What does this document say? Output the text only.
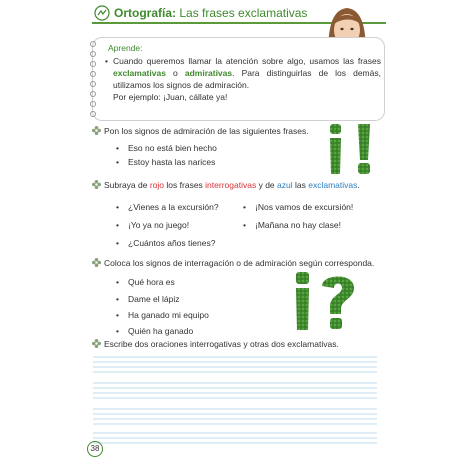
Ortografía: Las frases exclamativas
Aprende:
• Cuando queremos llamar la atención sobre algo, usamos las frases exclamativas o admirativas. Para distinguirlas de los demás, utilizamos los signos de admiración.
Por ejemplo: ¡Juan, cállate ya!
Pon los signos de admiración de las siguientes frases.
• Eso no está bien hecho
• Estoy hasta las narices
Subraya de rojo los frases interrogativas y de azul las exclamativas.
• ¿Vienes a la excursión?
• ¡Yo ya no juego!
• ¿Cuántos años tienes?
• ¡Nos vamos de excursión!
• ¡Mañana no hay clase!
Coloca los signos de interragación o de admiración según corresponda.
• Qué hora es
• Dame el lápiz
• Ha ganado mi equipo
• Quién ha ganado
Escribe dos oraciones interrogativas y otras dos exclamativas.
38
